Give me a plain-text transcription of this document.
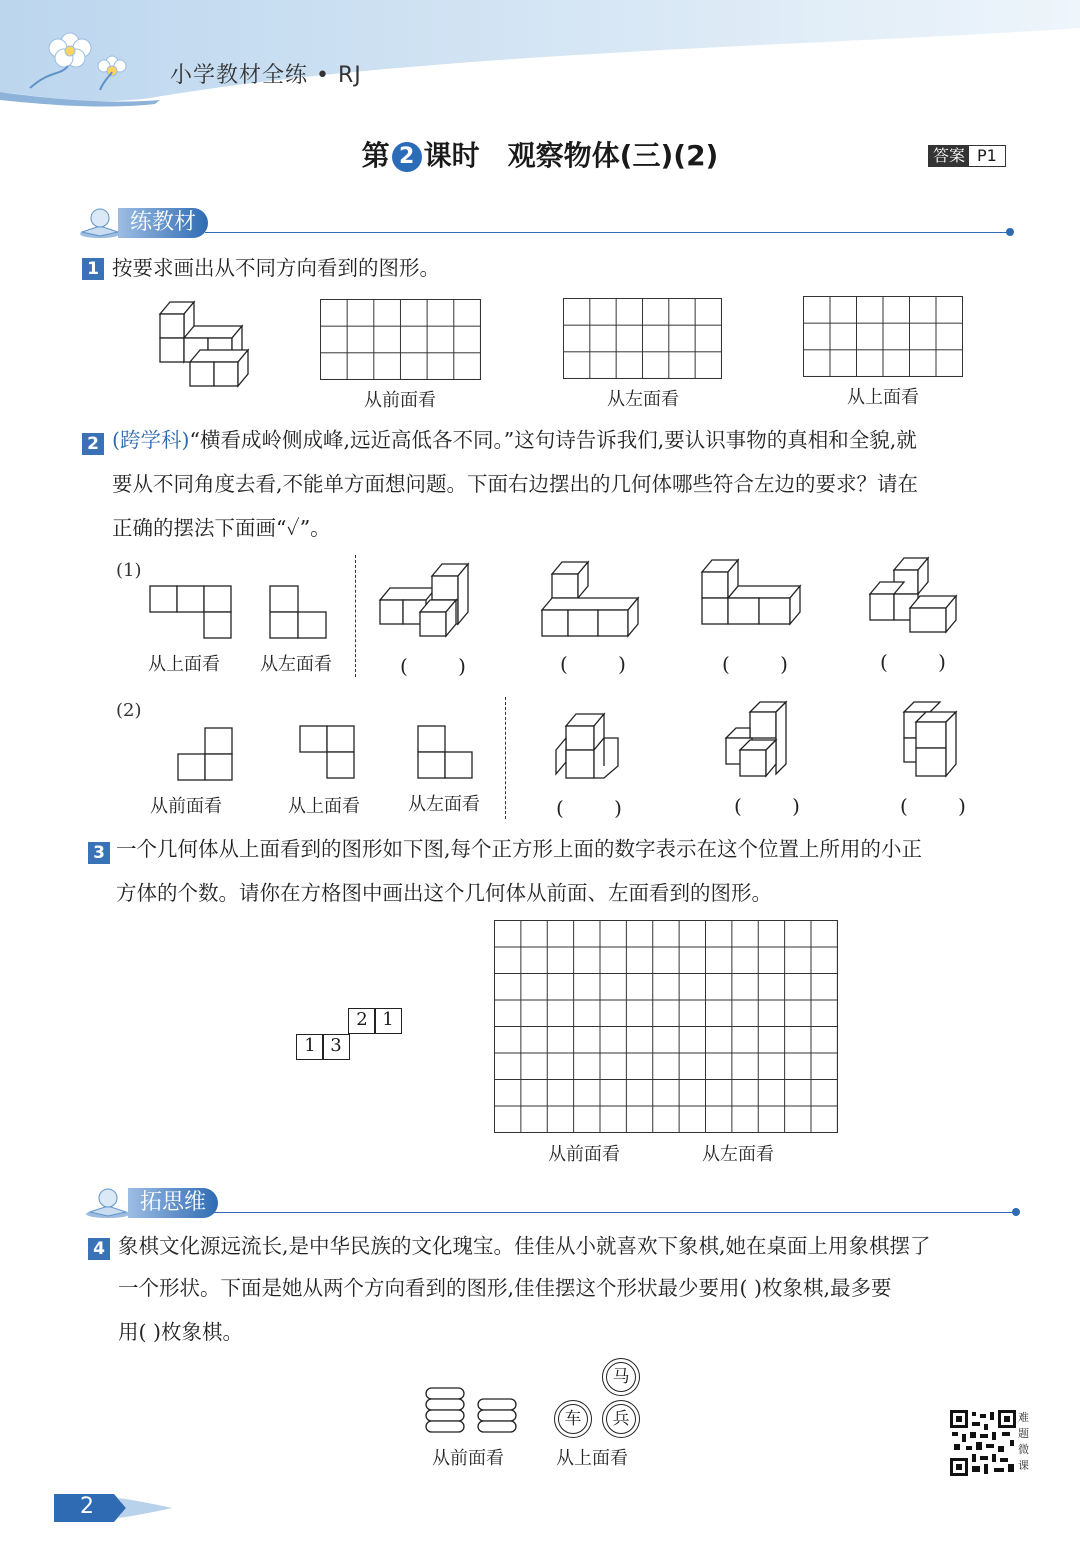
小学教材全练 • RJ
第 2 课时 观察物体(三)(2)	答案 P1
练教材
1 按要求画出从不同方向看到的图形。
从前面看	从左面看	从上面看
2 (跨学科)“横看成岭侧成峰,远近高低各不同。”这句诗告诉我们,要认识事物的真相和全貌,就
要从不同角度去看,不能单方面想问题。下面右边摆出的几何体哪些符合左边的要求？请在
正确的摆法下面画“✓”。
(1)
从上面看 从左面看	( )	( )	( )	( )
(2)
从前面看	从上面看	从左面看	( )	( )	( )
3 一个几何体从上面看到的图形如下图,每个正方形上面的数字表示在这个位置上所用的小正
方体的个数。请你在方格图中画出这个几何体从前面、左面看到的图形。
2 1
1 3
从前面看	从左面看
拓思维
4 象棋文化源远流长,是中华民族的文化瑰宝。佳佳从小就喜欢下象棋,她在桌面上用象棋摆了
一个形状。下面是她从两个方向看到的图形,佳佳摆这个形状最少要用( )枚象棋,最多要
用( )枚象棋。
马
车	兵
从前面看	从上面看
难题微课
2
